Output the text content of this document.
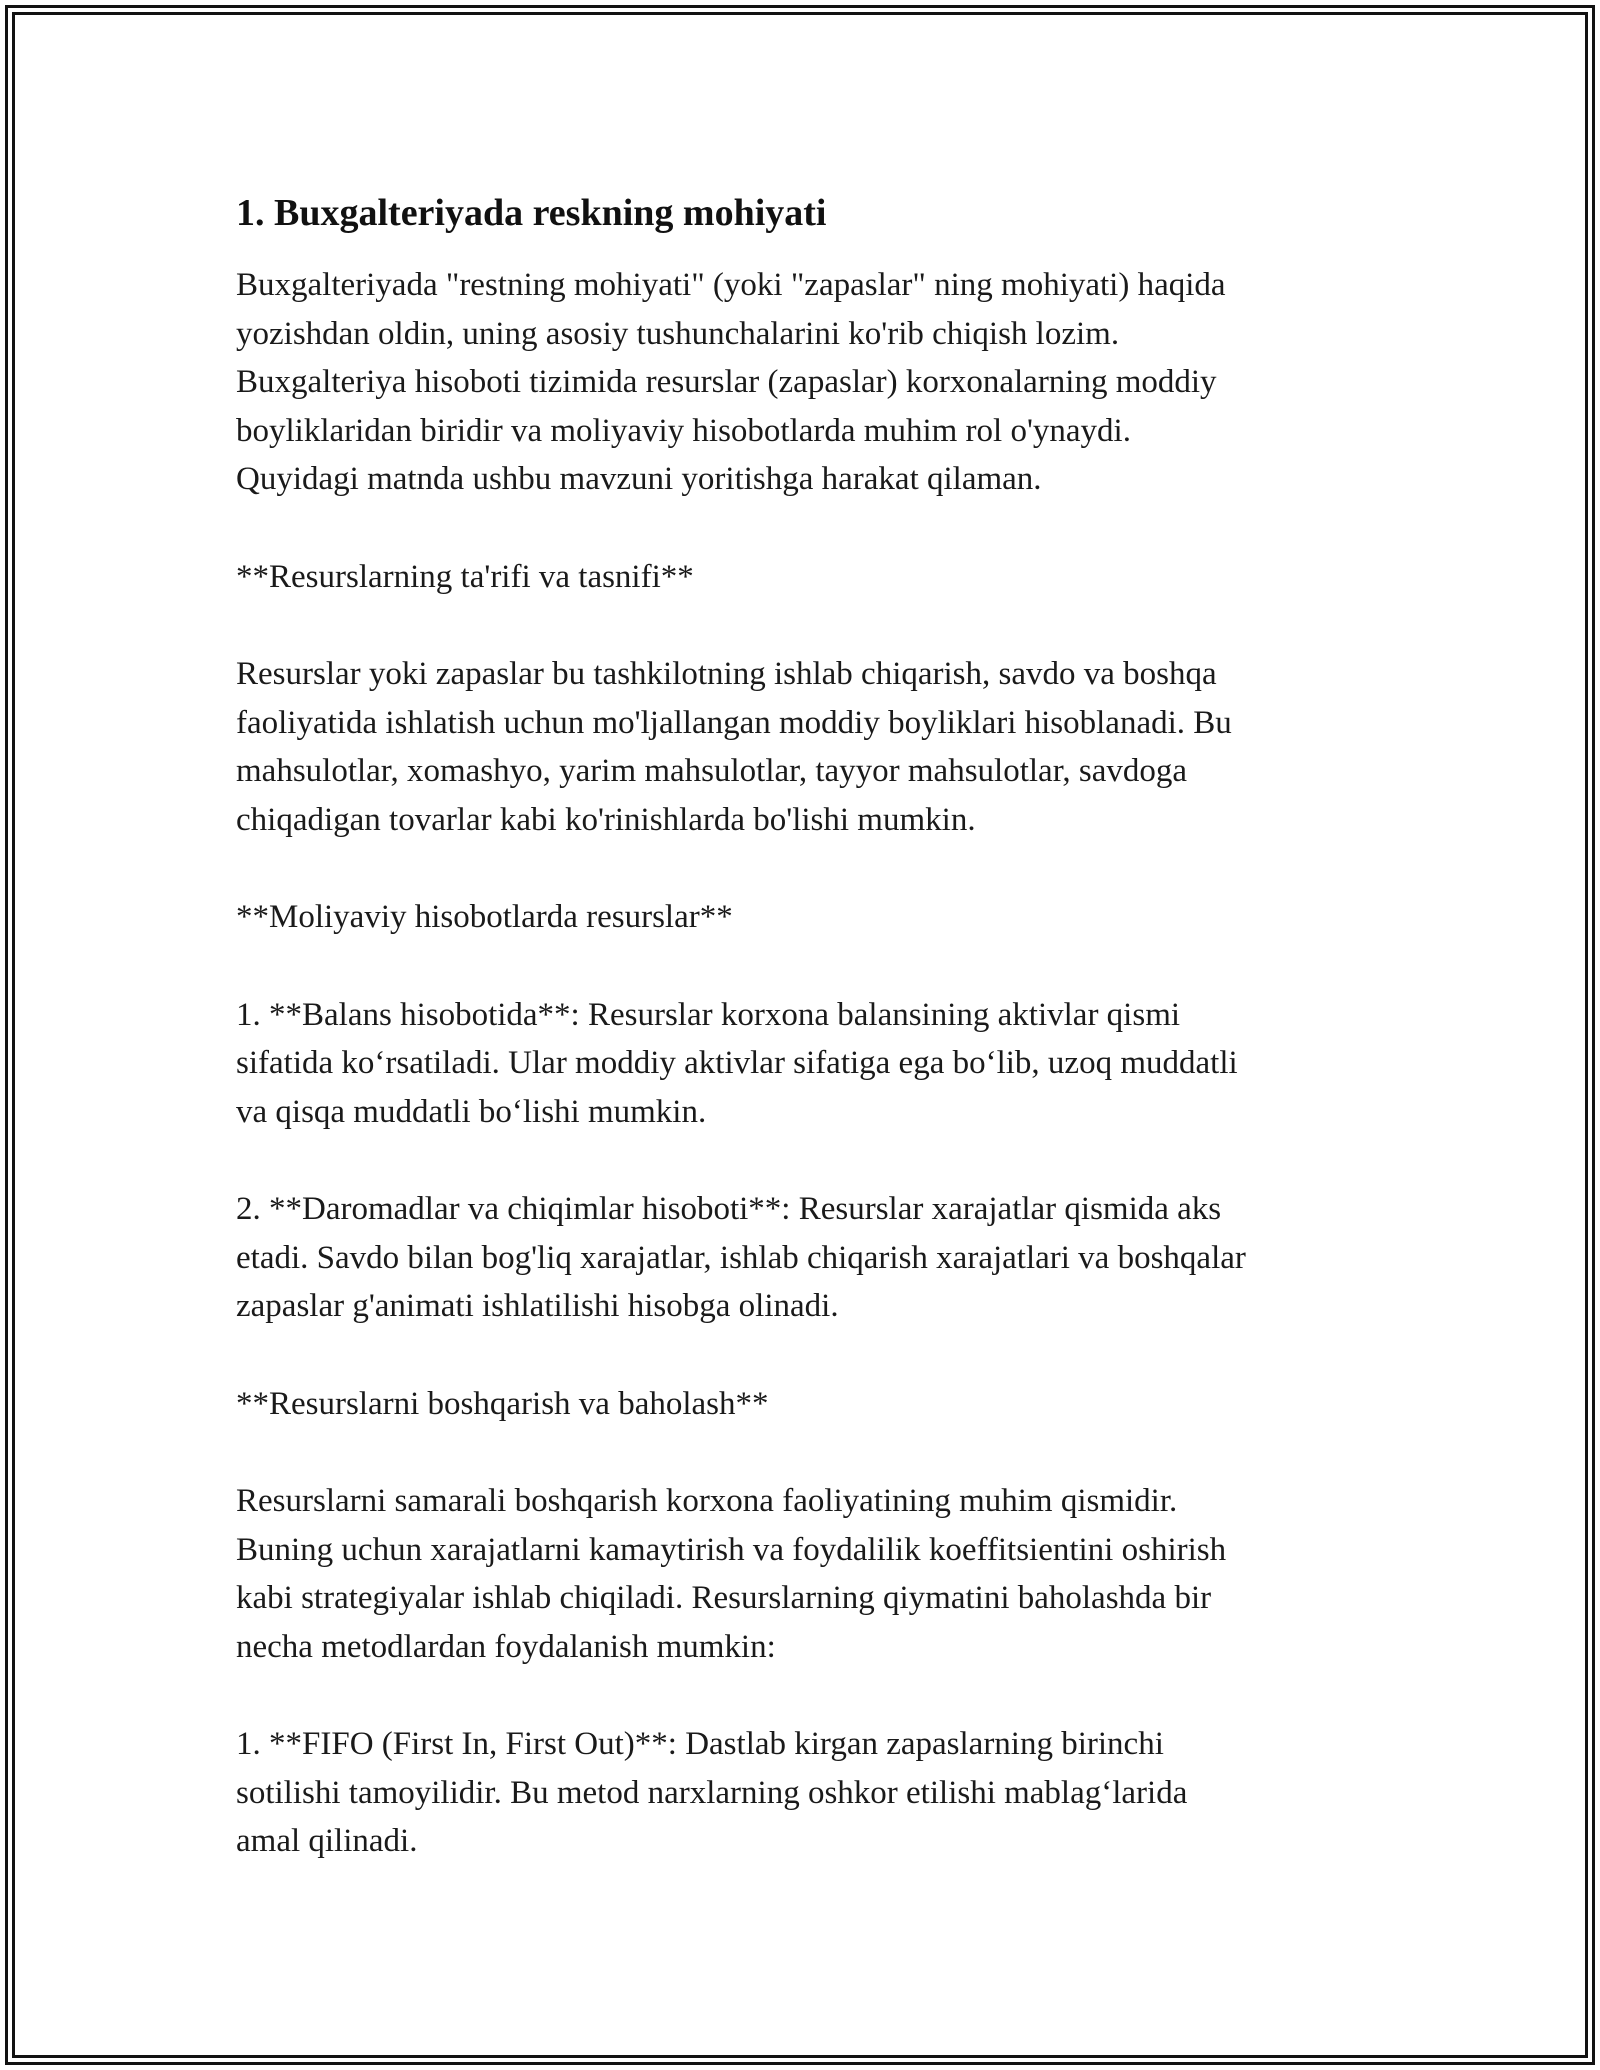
1. Buxgalteriyada reskning mohiyati
Buxgalteriyada "restning mohiyati" (yoki "zapaslar" ning mohiyati) haqida
yozishdan oldin, uning asosiy tushunchalarini ko'rib chiqish lozim.
Buxgalteriya hisoboti tizimida resurslar (zapaslar) korxonalarning moddiy
boyliklaridan biridir va moliyaviy hisobotlarda muhim rol o'ynaydi.
Quyidagi matnda ushbu mavzuni yoritishga harakat qilaman.
**Resurslarning ta'rifi va tasnifi**
Resurslar yoki zapaslar bu tashkilotning ishlab chiqarish, savdo va boshqa
faoliyatida ishlatish uchun mo'ljallangan moddiy boyliklari hisoblanadi. Bu
mahsulotlar, xomashyo, yarim mahsulotlar, tayyor mahsulotlar, savdoga
chiqadigan tovarlar kabi ko'rinishlarda bo'lishi mumkin.
**Moliyaviy hisobotlarda resurslar**
1. **Balans hisobotida**: Resurslar korxona balansining aktivlar qismi
sifatida ko‘rsatiladi. Ular moddiy aktivlar sifatiga ega bo‘lib, uzoq muddatli
va qisqa muddatli bo‘lishi mumkin.
2. **Daromadlar va chiqimlar hisoboti**: Resurslar xarajatlar qismida aks
etadi. Savdo bilan bog'liq xarajatlar, ishlab chiqarish xarajatlari va boshqalar
zapaslar g'animati ishlatilishi hisobga olinadi.
**Resurslarni boshqarish va baholash**
Resurslarni samarali boshqarish korxona faoliyatining muhim qismidir.
Buning uchun xarajatlarni kamaytirish va foydalilik koeffitsientini oshirish
kabi strategiyalar ishlab chiqiladi. Resurslarning qiymatini baholashda bir
necha metodlardan foydalanish mumkin:
1. **FIFO (First In, First Out)**: Dastlab kirgan zapaslarning birinchi
sotilishi tamoyilidir. Bu metod narxlarning oshkor etilishi mablag‘larida
amal qilinadi.
